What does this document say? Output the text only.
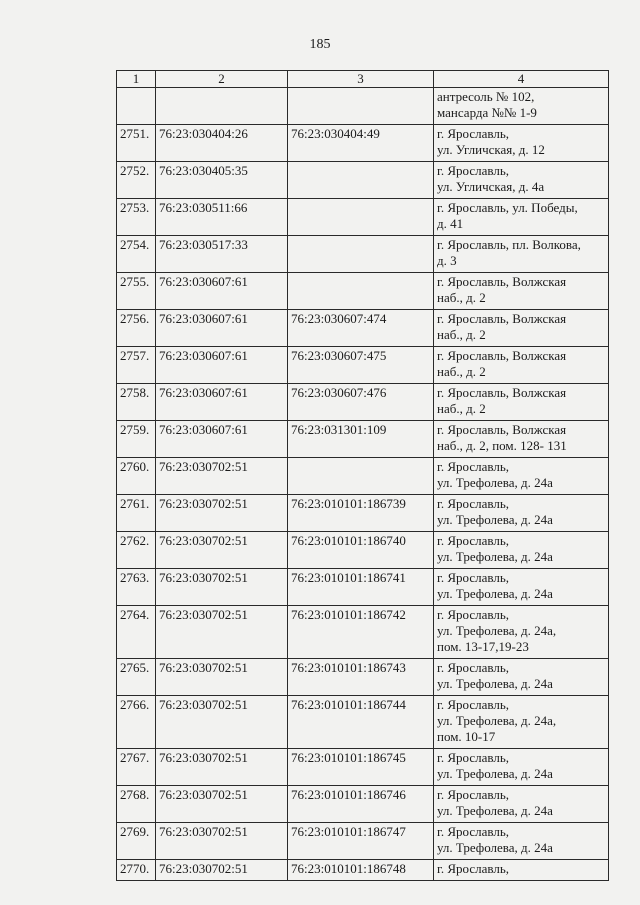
185
1	2	3	4
			антресоль № 102,
мансарда №№ 1-9
2751.	76:23:030404:26	76:23:030404:49	г. Ярославль,
ул. Угличская, д. 12
2752.	76:23:030405:35		г. Ярославль,
ул. Угличская, д. 4а
2753.	76:23:030511:66		г. Ярославль, ул. Победы,
д. 41
2754.	76:23:030517:33		г. Ярославль, пл. Волкова,
д. 3
2755.	76:23:030607:61		г. Ярославль, Волжская
наб., д. 2
2756.	76:23:030607:61	76:23:030607:474	г. Ярославль, Волжская
наб., д. 2
2757.	76:23:030607:61	76:23:030607:475	г. Ярославль, Волжская
наб., д. 2
2758.	76:23:030607:61	76:23:030607:476	г. Ярославль, Волжская
наб., д. 2
2759.	76:23:030607:61	76:23:031301:109	г. Ярославль, Волжская
наб., д. 2, пом. 128- 131
2760.	76:23:030702:51		г. Ярославль,
ул. Трефолева, д. 24а
2761.	76:23:030702:51	76:23:010101:186739	г. Ярославль,
ул. Трефолева, д. 24а
2762.	76:23:030702:51	76:23:010101:186740	г. Ярославль,
ул. Трефолева, д. 24а
2763.	76:23:030702:51	76:23:010101:186741	г. Ярославль,
ул. Трефолева, д. 24а
2764.	76:23:030702:51	76:23:010101:186742	г. Ярославль,
ул. Трефолева, д. 24а,
пом. 13-17,19-23
2765.	76:23:030702:51	76:23:010101:186743	г. Ярославль,
ул. Трефолева, д. 24а
2766.	76:23:030702:51	76:23:010101:186744	г. Ярославль,
ул. Трефолева, д. 24а,
пом. 10-17
2767.	76:23:030702:51	76:23:010101:186745	г. Ярославль,
ул. Трефолева, д. 24а
2768.	76:23:030702:51	76:23:010101:186746	г. Ярославль,
ул. Трефолева, д. 24а
2769.	76:23:030702:51	76:23:010101:186747	г. Ярославль,
ул. Трефолева, д. 24а
2770.	76:23:030702:51	76:23:010101:186748	г. Ярославль,
